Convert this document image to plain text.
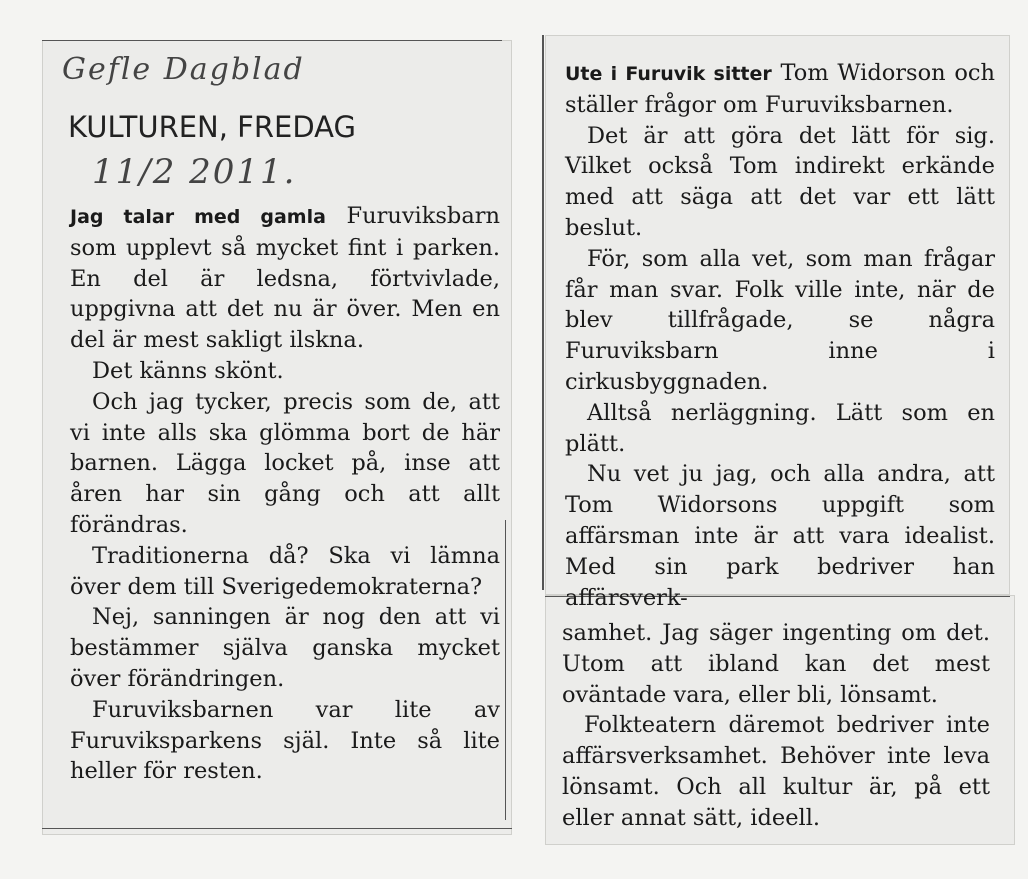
Gefle Dagblad
KULTUREN, FREDAG
11/2 2011.

Jag talar med gamla Furuviksbarn som upplevt så mycket fint i parken. En del är ledsna, förtvivlade, uppgivna att det nu är över. Men en del är mest sakligt ilskna.

Det känns skönt.

Och jag tycker, precis som de, att vi inte alls ska glömma bort de här barnen. Lägga locket på, inse att åren har sin gång och att allt förändras.

Traditionerna då? Ska vi lämna över dem till Sverigedemokraterna?

Nej, sanningen är nog den att vi bestämmer själva ganska mycket över förändringen.

Furuviksbarnen var lite av Furuviksparkens själ. Inte så lite heller för resten.

Ute i Furuvik sitter Tom Widorson och ställer frågor om Furuviksbarnen.

Det är att göra det lätt för sig. Vilket också Tom indirekt erkände med att säga att det var ett lätt beslut.

För, som alla vet, som man frågar får man svar. Folk ville inte, när de blev tillfrågade, se några Furuviksbarn inne i cirkusbyggnaden.

Alltså nerläggning. Lätt som en plätt.

Nu vet ju jag, och alla andra, att Tom Widorsons uppgift som affärsman inte är att vara idealist. Med sin park bedriver han affärsverk-

samhet. Jag säger ingenting om det. Utom att ibland kan det mest oväntade vara, eller bli, lönsamt.

Folkteatern däremot bedriver inte affärsverksamhet. Behöver inte leva lönsamt. Och all kultur är, på ett eller annat sätt, ideell.
